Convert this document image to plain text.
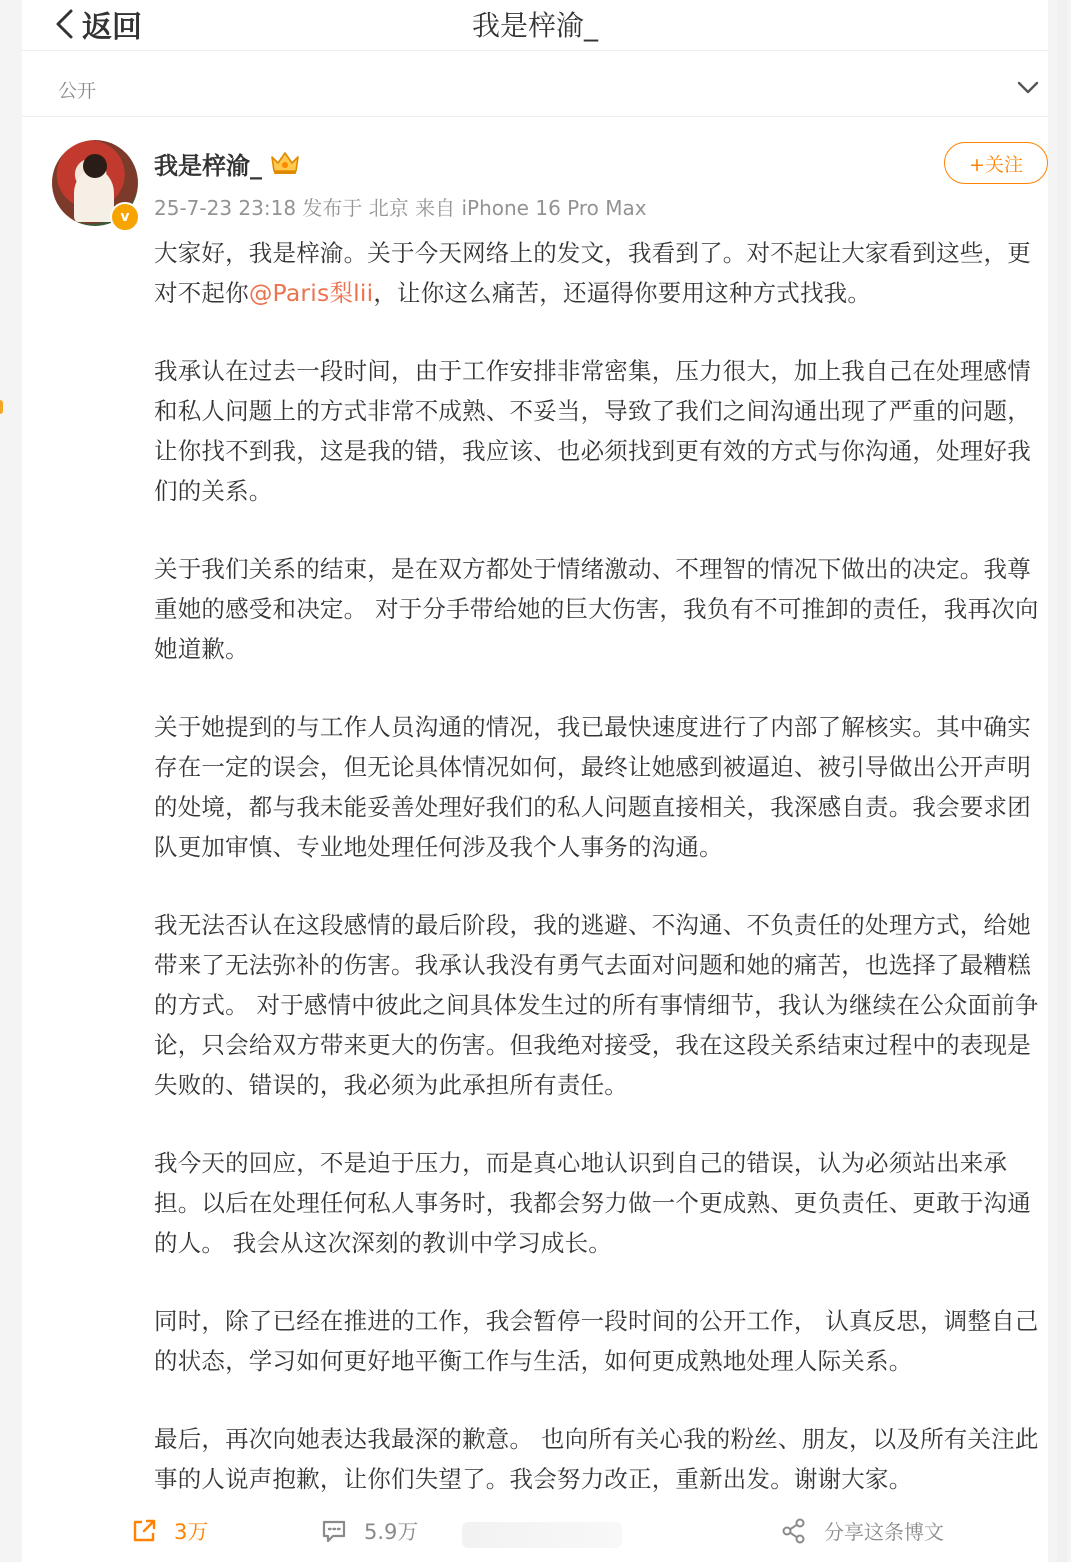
返回	我是梓渝_
公开
v
我是梓渝_
25-7-23 23:18 发布于 北京 来自 iPhone 16 Pro Max
+关注

大家好，我是梓渝。关于今天网络上的发文，我看到了。对不起让大家看到这些，更对不起你@Paris梨lii，让你这么痛苦，还逼得你要用这种方式找我。

我承认在过去一段时间，由于工作安排非常密集，压力很大，加上我自己在处理感情和私人问题上的方式非常不成熟、不妥当，导致了我们之间沟通出现了严重的问题，让你找不到我，这是我的错，我应该、也必须找到更有效的方式与你沟通，处理好我们的关系。

关于我们关系的结束，是在双方都处于情绪激动、不理智的情况下做出的决定。我尊重她的感受和决定。 对于分手带给她的巨大伤害，我负有不可推卸的责任，我再次向她道歉。

关于她提到的与工作人员沟通的情况，我已最快速度进行了内部了解核实。其中确实存在一定的误会，但无论具体情况如何，最终让她感到被逼迫、被引导做出公开声明的处境，都与我未能妥善处理好我们的私人问题直接相关，我深感自责。我会要求团队更加审慎、专业地处理任何涉及我个人事务的沟通。

我无法否认在这段感情的最后阶段，我的逃避、不沟通、不负责任的处理方式，给她带来了无法弥补的伤害。我承认我没有勇气去面对问题和她的痛苦，也选择了最糟糕的方式。 对于感情中彼此之间具体发生过的所有事情细节，我认为继续在公众面前争论，只会给双方带来更大的伤害。但我绝对接受，我在这段关系结束过程中的表现是失败的、错误的，我必须为此承担所有责任。

我今天的回应，不是迫于压力，而是真心地认识到自己的错误，认为必须站出来承担。以后在处理任何私人事务时，我都会努力做一个更成熟、更负责任、更敢于沟通的人。 我会从这次深刻的教训中学习成长。

同时，除了已经在推进的工作，我会暂停一段时间的公开工作， 认真反思，调整自己的状态，学习如何更好地平衡工作与生活，如何更成熟地处理人际关系。

最后，再次向她表达我最深的歉意。 也向所有关心我的粉丝、朋友，以及所有关注此事的人说声抱歉，让你们失望了。我会努力改正，重新出发。谢谢大家。

3万	5.9万	分享这条博文
